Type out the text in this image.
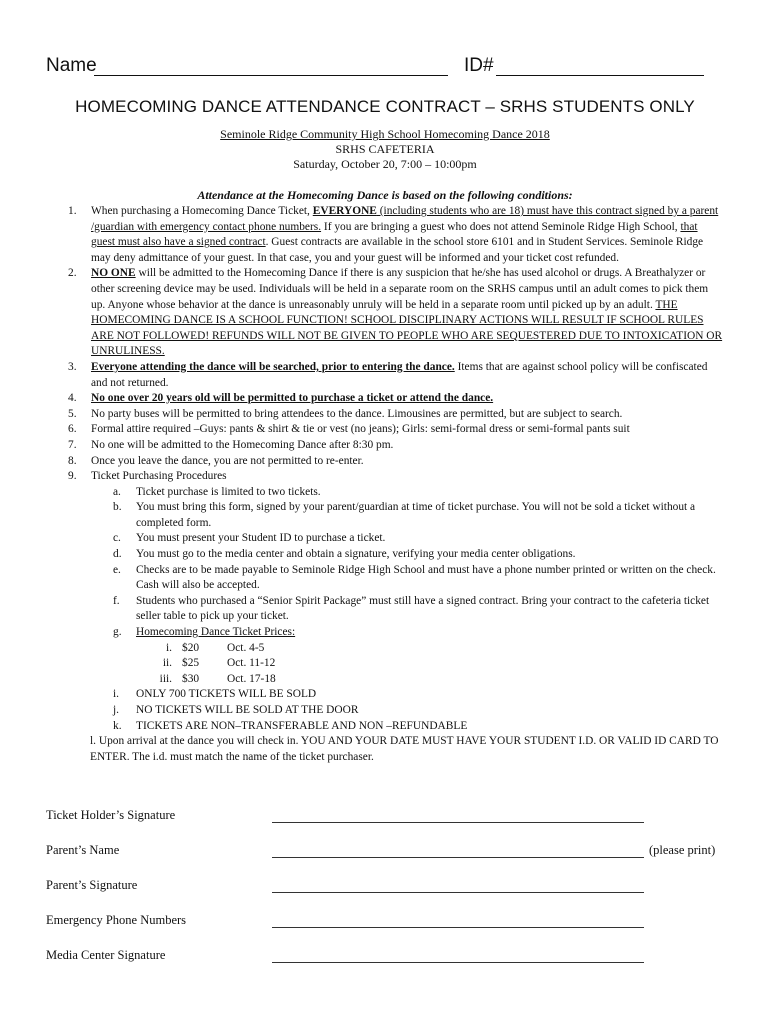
Name	ID#
HOMECOMING DANCE ATTENDANCE CONTRACT – SRHS STUDENTS ONLY
Seminole Ridge Community High School Homecoming Dance 2018
SRHS CAFETERIA
Saturday, October 20, 7:00 – 10:00pm
Attendance at the Homecoming Dance is based on the following conditions:
1. When purchasing a Homecoming Dance Ticket, EVERYONE (including students who are 18) must have this contract signed by a parent /guardian with emergency contact phone numbers. If you are bringing a guest who does not attend Seminole Ridge High School, that guest must also have a signed contract. Guest contracts are available in the school store 6101 and in Student Services. Seminole Ridge may deny admittance of your guest. In that case, you and your guest will be informed and your ticket cost refunded.
2. NO ONE will be admitted to the Homecoming Dance if there is any suspicion that he/she has used alcohol or drugs. A Breathalyzer or other screening device may be used. Individuals will be held in a separate room on the SRHS campus until an adult comes to pick them up. Anyone whose behavior at the dance is unreasonably unruly will be held in a separate room until picked up by an adult. THE HOMECOMING DANCE IS A SCHOOL FUNCTION! SCHOOL DISCIPLINARY ACTIONS WILL RESULT IF SCHOOL RULES ARE NOT FOLLOWED! REFUNDS WILL NOT BE GIVEN TO PEOPLE WHO ARE SEQUESTERED DUE TO INTOXICATION OR UNRULINESS.
3. Everyone attending the dance will be searched, prior to entering the dance. Items that are against school policy will be confiscated and not returned.
4. No one over 20 years old will be permitted to purchase a ticket or attend the dance.
5. No party buses will be permitted to bring attendees to the dance. Limousines are permitted, but are subject to search.
6. Formal attire required –Guys: pants & shirt & tie or vest (no jeans); Girls: semi-formal dress or semi-formal pants suit
7. No one will be admitted to the Homecoming Dance after 8:30 pm.
8. Once you leave the dance, you are not permitted to re-enter.
9. Ticket Purchasing Procedures
a. Ticket purchase is limited to two tickets.
b. You must bring this form, signed by your parent/guardian at time of ticket purchase. You will not be sold a ticket without a completed form.
c. You must present your Student ID to purchase a ticket.
d. You must go to the media center and obtain a signature, verifying your media center obligations.
e. Checks are to be made payable to Seminole Ridge High School and must have a phone number printed or written on the check. Cash will also be accepted.
f. Students who purchased a “Senior Spirit Package” must still have a signed contract. Bring your contract to the cafeteria ticket seller table to pick up your ticket.
g. Homecoming Dance Ticket Prices:
i. $20 Oct. 4-5
ii. $25 Oct. 11-12
iii. $30 Oct. 17-18
i. ONLY 700 TICKETS WILL BE SOLD
j. NO TICKETS WILL BE SOLD AT THE DOOR
k. TICKETS ARE NON–TRANSFERABLE AND NON –REFUNDABLE
l. Upon arrival at the dance you will check in. YOU AND YOUR DATE MUST HAVE YOUR STUDENT I.D. OR VALID ID CARD TO ENTER. The i.d. must match the name of the ticket purchaser.
Ticket Holder’s Signature
Parent’s Name	(please print)
Parent’s Signature
Emergency Phone Numbers
Media Center Signature
